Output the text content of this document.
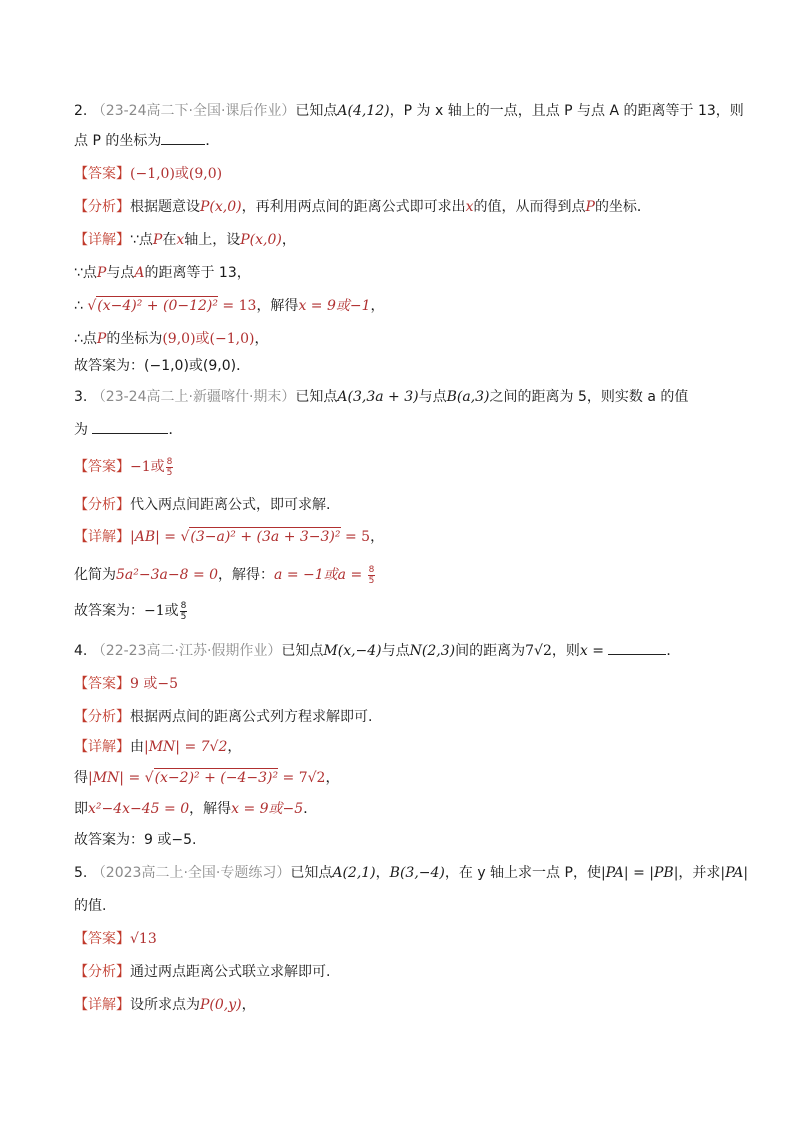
2. （23-24高二下·全国·课后作业）已知点A(4,12)，P 为 x 轴上的一点，且点 P 与点 A 的距离等于 13，则
点 P 的坐标为	．
【答案】(−1,0)或(9,0)
【分析】根据题意设P(x,0)，再利用两点间的距离公式即可求出x的值，从而得到点P的坐标．
【详解】∵点P在x轴上，设P(x,0)，
∵点P与点A的距离等于 13，
∴ √(x−4)² + (0−12)² = 13，解得x = 9或−1，
∴点P的坐标为(9,0)或(−1,0)，
故答案为：(−1,0)或(9,0)．
3. （23-24高二上·新疆喀什·期末）已知点A(3,3a + 3)与点B(a,3)之间的距离为 5，则实数 a 的值
为	．
【答案】−1或 $\frac{8}{5}$
【分析】代入两点间距离公式，即可求解.
【详解】|AB| = √(3−a)² + (3a + 3−3)² = 5，
化简为5a²−3a−8 = 0，解得：a = −1或$a = \frac{8}{5}$
故答案为：−1或 $\frac{8}{5}$
4. （22-23高二·江苏·假期作业）已知点M(x,−4)与点N(2,3)间的距离为7√2，则x =	．
【答案】9 或−5
【分析】根据两点间的距离公式列方程求解即可.
【详解】由|MN| = 7√2，
得|MN| = √(x−2)² + (−4−3)² = 7√2，
即x²−4x−45 = 0，解得x = 9或−5．
故答案为：9 或−5.
5. （2023高二上·全国·专题练习）已知点A(2,1)，B(3,−4)，在 y 轴上求一点 P，使|PA| = |PB|，并求|PA|
的值.
【答案】√13
【分析】通过两点距离公式联立求解即可.
【详解】设所求点为P(0,y)，
